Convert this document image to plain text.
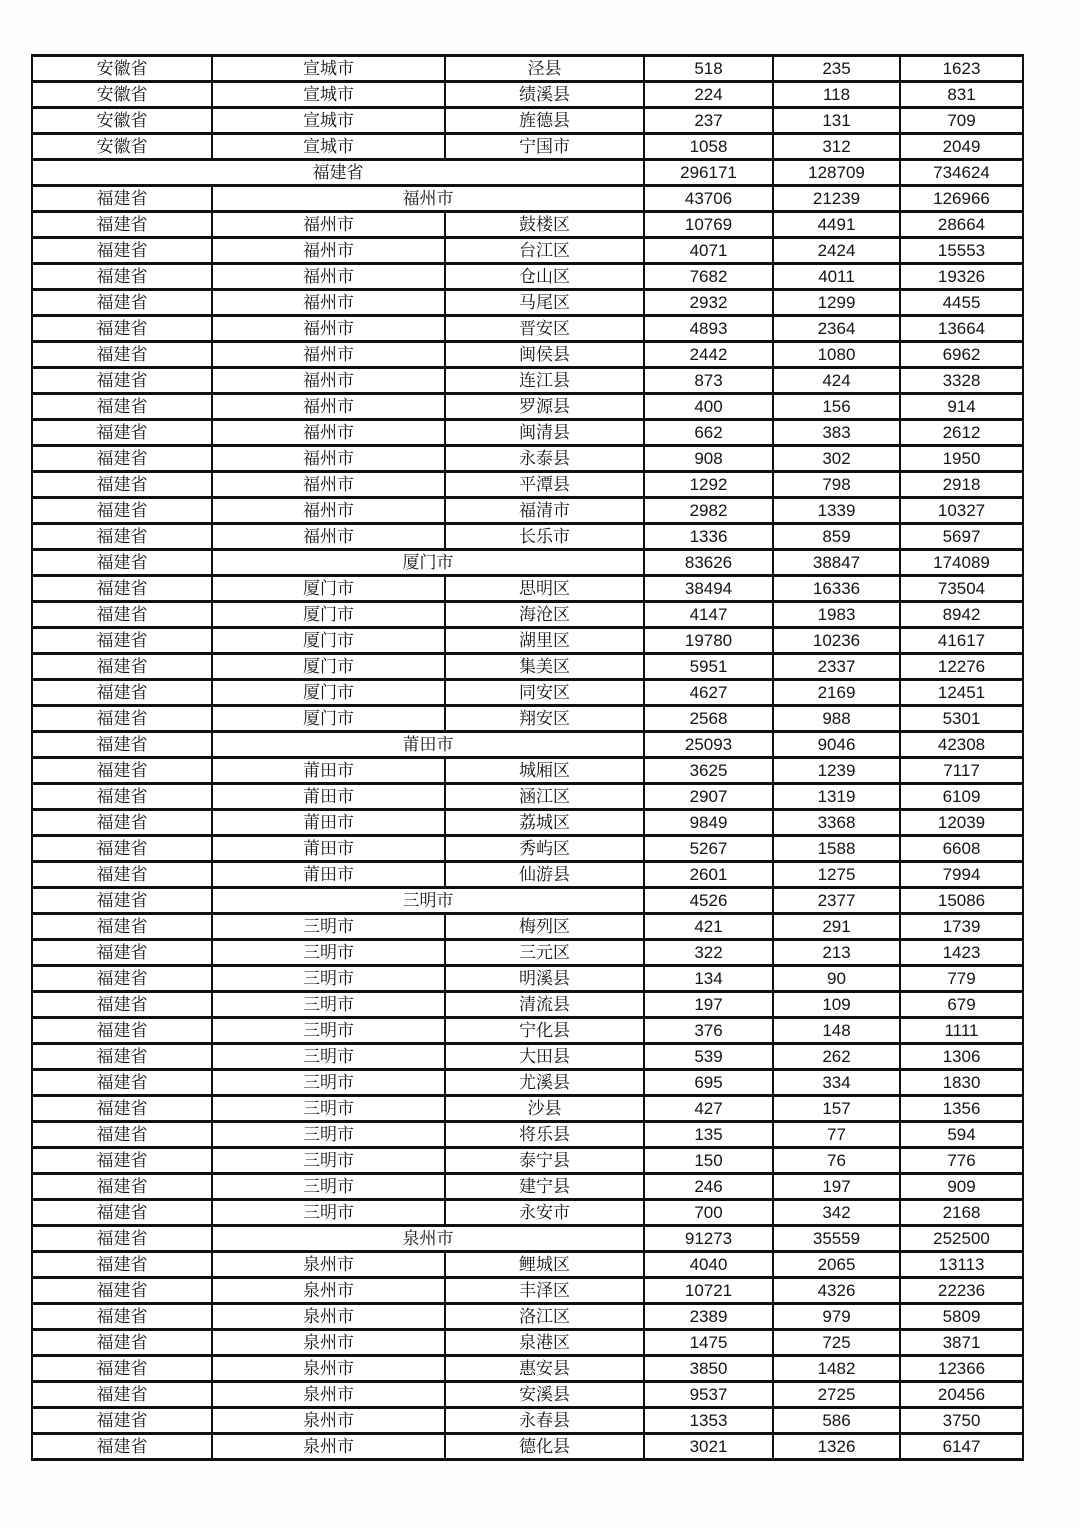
安徽省	宣城市	泾县	518	235	1623
安徽省	宣城市	绩溪县	224	118	831
安徽省	宣城市	旌德县	237	131	709
安徽省	宣城市	宁国市	1058	312	2049
福建省			296171	128709	734624
福建省	福州市		43706	21239	126966
福建省	福州市	鼓楼区	10769	4491	28664
福建省	福州市	台江区	4071	2424	15553
福建省	福州市	仓山区	7682	4011	19326
福建省	福州市	马尾区	2932	1299	4455
福建省	福州市	晋安区	4893	2364	13664
福建省	福州市	闽侯县	2442	1080	6962
福建省	福州市	连江县	873	424	3328
福建省	福州市	罗源县	400	156	914
福建省	福州市	闽清县	662	383	2612
福建省	福州市	永泰县	908	302	1950
福建省	福州市	平潭县	1292	798	2918
福建省	福州市	福清市	2982	1339	10327
福建省	福州市	长乐市	1336	859	5697
福建省	厦门市		83626	38847	174089
福建省	厦门市	思明区	38494	16336	73504
福建省	厦门市	海沧区	4147	1983	8942
福建省	厦门市	湖里区	19780	10236	41617
福建省	厦门市	集美区	5951	2337	12276
福建省	厦门市	同安区	4627	2169	12451
福建省	厦门市	翔安区	2568	988	5301
福建省	莆田市		25093	9046	42308
福建省	莆田市	城厢区	3625	1239	7117
福建省	莆田市	涵江区	2907	1319	6109
福建省	莆田市	荔城区	9849	3368	12039
福建省	莆田市	秀屿区	5267	1588	6608
福建省	莆田市	仙游县	2601	1275	7994
福建省	三明市		4526	2377	15086
福建省	三明市	梅列区	421	291	1739
福建省	三明市	三元区	322	213	1423
福建省	三明市	明溪县	134	90	779
福建省	三明市	清流县	197	109	679
福建省	三明市	宁化县	376	148	1111
福建省	三明市	大田县	539	262	1306
福建省	三明市	尤溪县	695	334	1830
福建省	三明市	沙县	427	157	1356
福建省	三明市	将乐县	135	77	594
福建省	三明市	泰宁县	150	76	776
福建省	三明市	建宁县	246	197	909
福建省	三明市	永安市	700	342	2168
福建省	泉州市		91273	35559	252500
福建省	泉州市	鲤城区	4040	2065	13113
福建省	泉州市	丰泽区	10721	4326	22236
福建省	泉州市	洛江区	2389	979	5809
福建省	泉州市	泉港区	1475	725	3871
福建省	泉州市	惠安县	3850	1482	12366
福建省	泉州市	安溪县	9537	2725	20456
福建省	泉州市	永春县	1353	586	3750
福建省	泉州市	德化县	3021	1326	6147
